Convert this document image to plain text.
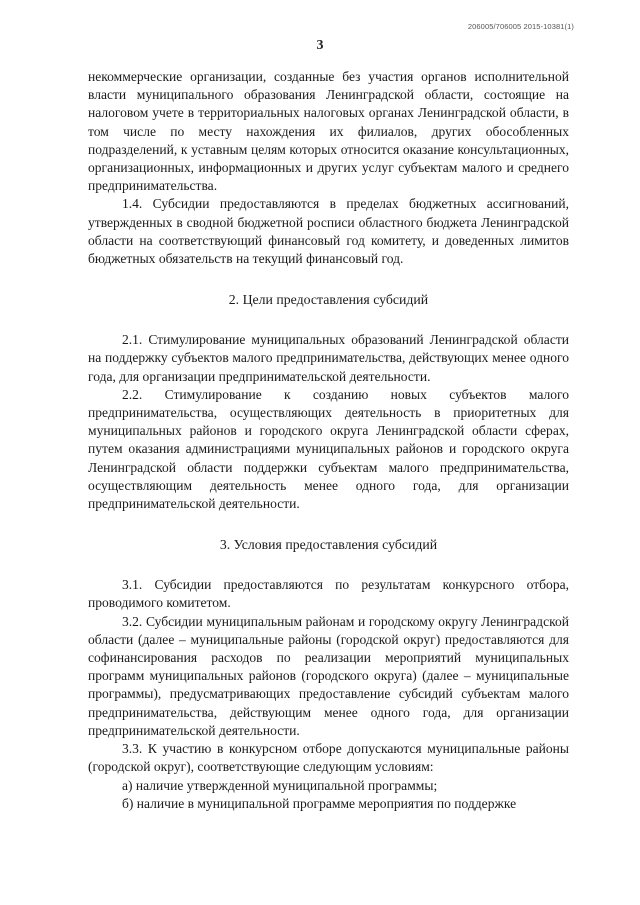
206005/706005 2015-10381(1)
3

некоммерческие организации, созданные без участия органов исполнительной власти муниципального образования Ленинградской области, состоящие на налоговом учете в территориальных налоговых органах Ленинградской области, в том числе по месту нахождения их филиалов, других обособленных подразделений, к уставным целям которых относится оказание консультационных, организационных, информационных и других услуг субъектам малого и среднего предпринимательства.

1.4. Субсидии предоставляются в пределах бюджетных ассигнований, утвержденных в сводной бюджетной росписи областного бюджета Ленинградской области на соответствующий финансовый год комитету, и доведенных лимитов бюджетных обязательств на текущий финансовый год.

2. Цели предоставления субсидий

2.1. Стимулирование муниципальных образований Ленинградской области на поддержку субъектов малого предпринимательства, действующих менее одного года, для организации предпринимательской деятельности.

2.2. Стимулирование к созданию новых субъектов малого предпринимательства, осуществляющих деятельность в приоритетных для муниципальных районов и городского округа Ленинградской области сферах, путем оказания администрациями муниципальных районов и городского округа Ленинградской области поддержки субъектам малого предпринимательства, осуществляющим деятельность менее одного года, для организации предпринимательской деятельности.

3. Условия предоставления субсидий

3.1. Субсидии предоставляются по результатам конкурсного отбора, проводимого комитетом.

3.2. Субсидии муниципальным районам и городскому округу Ленинградской области (далее – муниципальные районы (городской округ) предоставляются для софинансирования расходов по реализации мероприятий муниципальных программ муниципальных районов (городского округа) (далее – муниципальные программы), предусматривающих предоставление субсидий субъектам малого предпринимательства, действующим менее одного года, для организации предпринимательской деятельности.

3.3. К участию в конкурсном отборе допускаются муниципальные районы (городской округ), соответствующие следующим условиям:

а) наличие утвержденной муниципальной программы;

б) наличие в муниципальной программе мероприятия по поддержке
